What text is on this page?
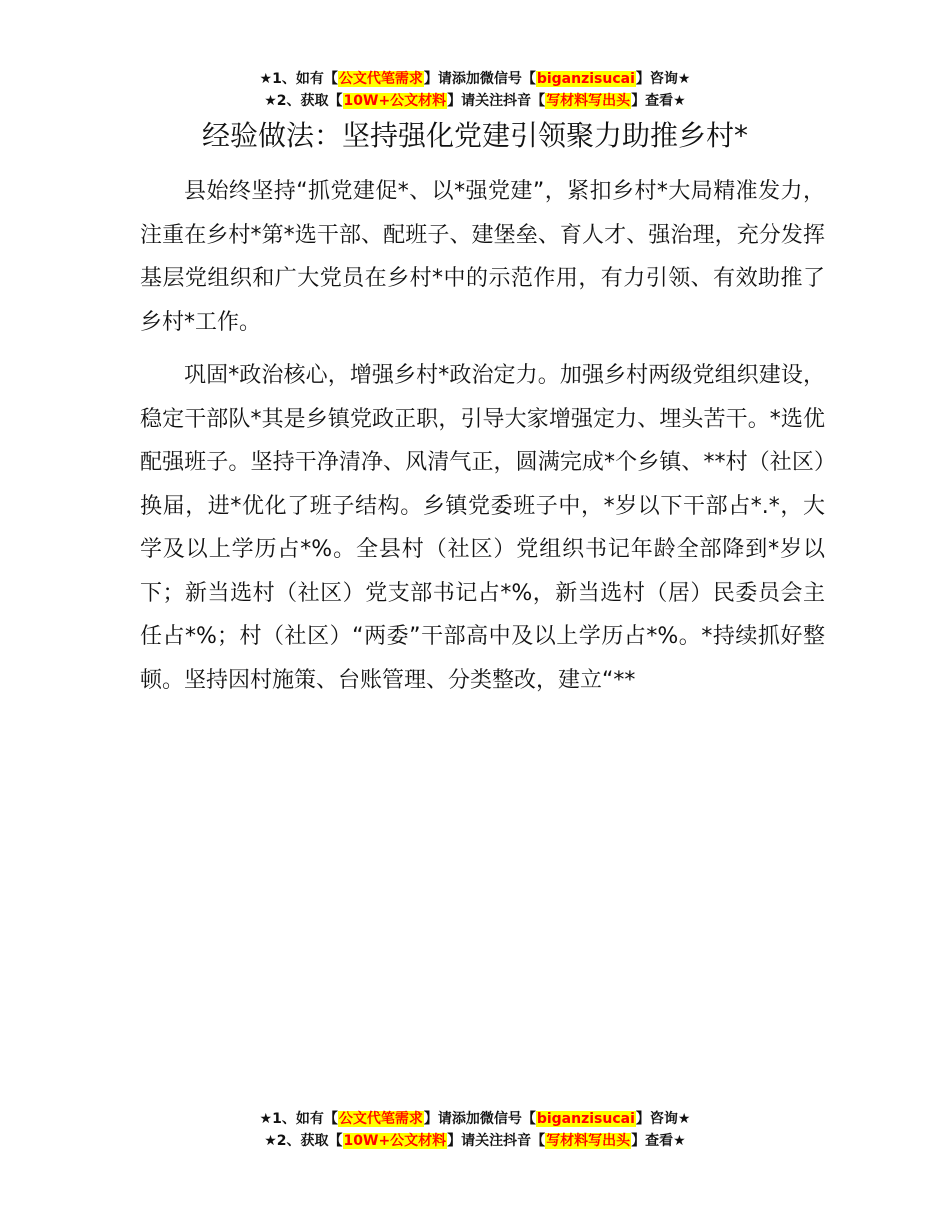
★1、如有【公文代笔需求】请添加微信号【biganzisucai】咨询★
★2、获取【10W+公文材料】请关注抖音【写材料写出头】查看★
经验做法：坚持强化党建引领聚力助推乡村*

县始终坚持“抓党建促*、以*强党建”，紧扣乡村*大局精准发力，注重在乡村*第*选干部、配班子、建堡垒、育人才、强治理，充分发挥基层党组织和广大党员在乡村*中的示范作用，有力引领、有效助推了乡村*工作。

巩固*政治核心，增强乡村*政治定力。加强乡村两级党组织建设，稳定干部队*其是乡镇党政正职，引导大家增强定力、埋头苦干。*选优配强班子。坚持干净清净、风清气正，圆满完成*个乡镇、**村（社区）换届，进*优化了班子结构。乡镇党委班子中，*岁以下干部占*.*，大学及以上学历占*%。全县村（社区）党组织书记年龄全部降到*岁以下；新当选村（社区）党支部书记占*%，新当选村（居）民委员会主任占*%；村（社区）“两委”干部高中及以上学历占*%。*持续抓好整顿。坚持因村施策、台账管理、分类整改，建立“**

★1、如有【公文代笔需求】请添加微信号【biganzisucai】咨询★
★2、获取【10W+公文材料】请关注抖音【写材料写出头】查看★
